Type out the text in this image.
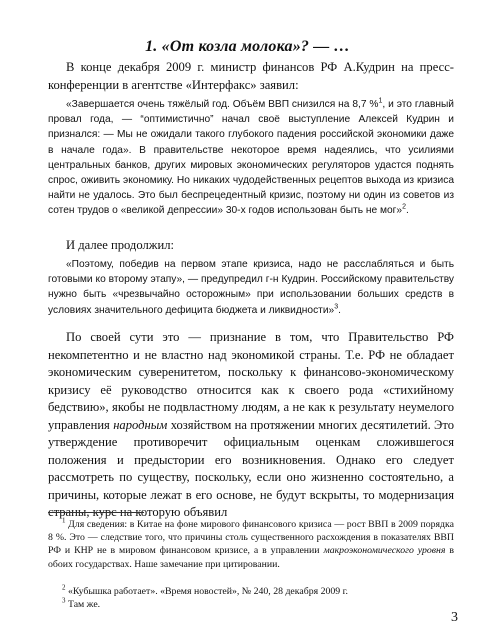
1. «От козла молока»? — …

В конце декабря 2009 г. министр финансов РФ А.Кудрин на пресс-конференции в агентстве «Интерфакс» заявил:

«Завершается очень тяжёлый год. Объём ВВП снизился на 8,7 %$^1$, и это главный провал года, — “оптимистично” начал своё выступление Алексей Кудрин и признался: — Мы не ожидали такого глубокого падения российской экономики даже в начале года». В правительстве некоторое время надеялись, что усилиями центральных банков, других мировых экономических регуляторов удастся поднять спрос, оживить экономику. Но никаких чудодейственных рецептов выхода из кризиса найти не удалось. Это был беспрецедентный кризис, поэтому ни один из советов из сотен трудов о «великой депрессии» 30-х годов использован быть не мог»$^2$.

И далее продолжил:

«Поэтому, победив на первом этапе кризиса, надо не расслабляться и быть готовыми ко второму этапу», — предупредил г-н Кудрин. Российскому правительству нужно быть «чрезвычайно осторожным» при использовании больших средств в условиях значительного дефицита бюджета и ликвидности»$^3$.

По своей сути это — признание в том, что Правительство РФ некомпетентно и не властно над экономикой страны. Т.е. РФ не обладает экономическим суверенитетом, поскольку к финансово-экономическому кризису её руководство относится как к своего рода «стихийному бедствию», якобы не подвластному людям, а не как к результату неумелого управления народным хозяйством на протяжении многих десятилетий. Это утверждение противоречит официальным оценкам сложившегося положения и предыстории его возникновения. Однако его следует рассмотреть по существу, поскольку, если оно жизненно состоятельно, а причины, которые лежат в его основе, не будут вскрыты, то модернизация страны, курс на которую объявил

$^1$ Для сведения: в Китае на фоне мирового финансового кризиса — рост ВВП в 2009 порядка 8 %. Это — следствие того, что причины столь существенного расхождения в показателях ВВП РФ и КНР не в мировом финансовом кризисе, а в управлении макроэкономического уровня в обоих государствах. Наше замечание при цитировании.

$^2$ «Кубышка работает». «Время новостей», № 240, 28 декабря 2009 г.

$^3$ Там же.

3
